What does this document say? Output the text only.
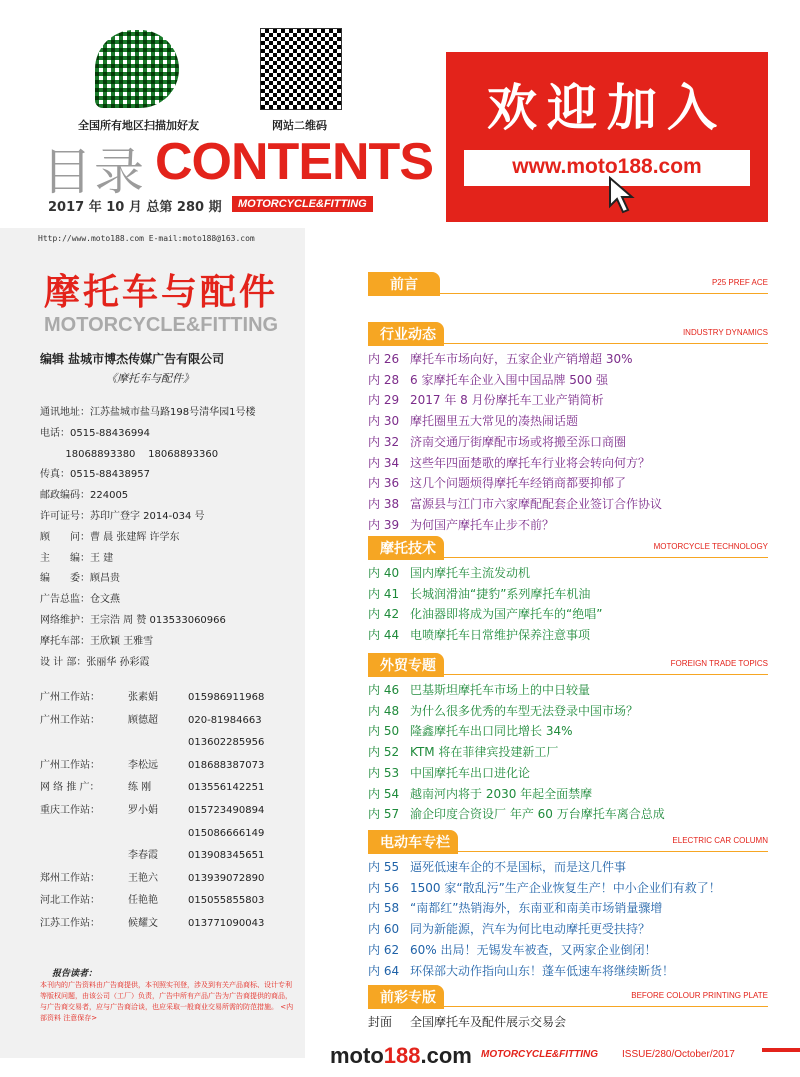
全国所有地区扫描加好友	网站二维码
目录 CONTENTS
2017 年 10 月 总第 280 期	MOTORCYCLE&FITTING
欢迎加入
www.moto188.com
Http://www.moto188.com E-mail:moto188@163.com
摩托车与配件
MOTORCYCLE&FITTING
编辑 盐城市博杰传媒广告有限公司
《摩托车与配件》
通讯地址：江苏盐城市盐马路198号清华园1号楼
电话：0515-88436994
18068893380    18068893360
传真：0515-88438957
邮政编码：224005
许可证号：苏印广登字 2014-034 号
顾　　问：曹 晨 张建辉 许学东
主　　编：王 建
编　　委：顾昌贵
广告总监：仓文燕
网络维护：王宗浩 周 赞 013533060966
摩托车部：王欣颖 王雅雪
设 计 部：张丽华 孙彩霞
广州工作站：	张素娟	015986911968
广州工作站：	顾德超	020-81984663
013602285956
广州工作站：	李松远	018688387073
网 络 推 广：	练 刚	013556142251
重庆工作站：	罗小娟	015723490894
015086666149
李春霞	013908345651
郑州工作站：	王艳六	013939072890
河北工作站：	任艳艳	015055855803
江苏工作站：	候耀文	013771090043
报告读者：
本刊内的广告资料由广告商提供，本刊照实刊登，涉及到有关产品商标、设计专利等版权问题，由该公司（工厂）负责，广告中所有产品广告为广告商提供的商品，与广告商交易者，应与广告商洽谈，也应采取一般商业交易所需的防范措施。 <内部资料 注意保存>
前言	P25 PREF ACE
行业动态	INDUSTRY DYNAMICS
内 26 摩托车市场向好，五家企业产销增超 30%
内 28 6 家摩托车企业入围中国品牌 500 强
内 29 2017 年 8 月份摩托车工业产销简析
内 30 摩托圈里五大常见的凑热闹话题
内 32 济南交通厅街摩配市场或将搬至泺口商圈
内 34 这些年四面楚歌的摩托车行业将会转向何方？
内 36 这几个问题烦得摩托车经销商都要抑郁了
内 38 富源县与江门市六家摩配配套企业签订合作协议
内 39 为何国产摩托车止步不前？
摩托技术	MOTORCYCLE TECHNOLOGY
内 40 国内摩托车主流发动机
内 41 长城润滑油“捷豹”系列摩托车机油
内 42 化油器即将成为国产摩托车的“绝唱”
内 44 电喷摩托车日常维护保养注意事项
外贸专题	FOREIGN TRADE TOPICS
内 46 巴基斯坦摩托车市场上的中日较量
内 48 为什么很多优秀的车型无法登录中国市场？
内 50 隆鑫摩托车出口同比增长 34%
内 52 KTM 将在菲律宾投建新工厂
内 53 中国摩托车出口进化论
内 54 越南河内将于 2030 年起全面禁摩
内 57 渝企印度合资设厂 年产 60 万台摩托车离合总成
电动车专栏	ELECTRIC CAR COLUMN
内 55 逼死低速车企的不是国标，而是这几件事
内 56 1500 家“散乱污”生产企业恢复生产！中小企业们有救了！
内 58 “南都红”热销海外，东南亚和南美市场销量骤增
内 60 同为新能源，汽车为何比电动摩托更受扶持？
内 62 60% 出局！无锡发车被查，又两家企业倒闭！
内 64 环保部大动作指向山东！蓬车低速车将继续断货！
前彩专版	BEFORE COLOUR PRINTING PLATE
封面 全国摩托车及配件展示交易会
moto188.com MOTORCYCLE&FITTING ISSUE/280/October/2017
